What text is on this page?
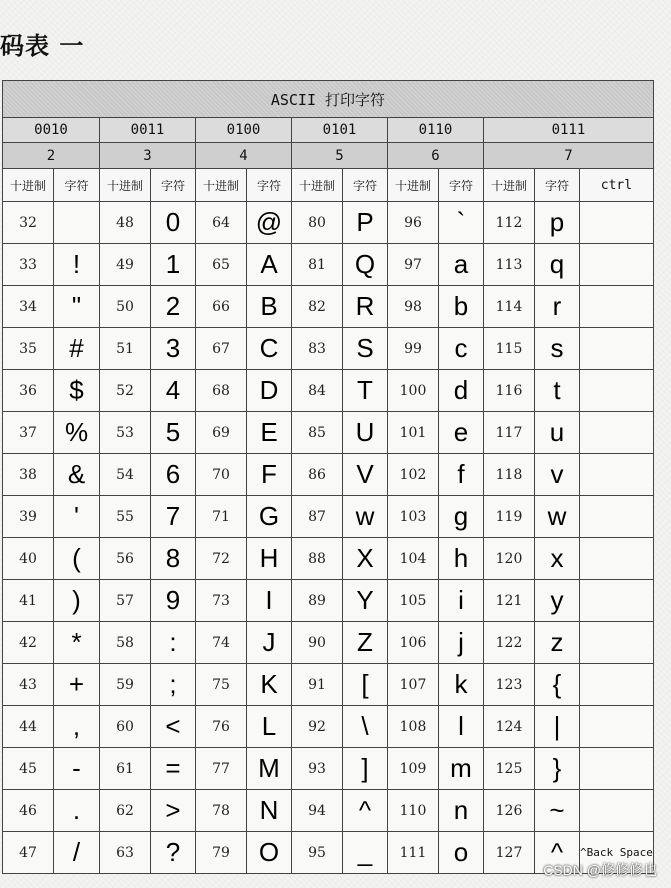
码表 一
ASCII 打印字符												
0010		0011		0100		0101		0110		0111		
2		3		4		5		6		7		
十进制	字符	十进制	字符	十进制	字符	十进制	字符	十进制	字符	十进制	字符	ctrl
32		48	0	64	@	80	P	96	`	112	p	
33	!	49	1	65	A	81	Q	97	a	113	q	
34	"	50	2	66	B	82	R	98	b	114	r	
35	#	51	3	67	C	83	S	99	c	115	s	
36	$	52	4	68	D	84	T	100	d	116	t	
37	%	53	5	69	E	85	U	101	e	117	u	
38	&	54	6	70	F	86	V	102	f	118	v	
39	'	55	7	71	G	87	w	103	g	119	w	
40	(	56	8	72	H	88	X	104	h	120	x	
41	)	57	9	73	I	89	Y	105	i	121	y	
42	*	58	:	74	J	90	Z	106	j	122	z	
43	+	59	;	75	K	91	[	107	k	123	{	
44	,	60	<	76	L	92	\	108	l	124	|	
45	-	61	=	77	M	93	]	109	m	125	}	
46	.	62	>	78	N	94	^	110	n	126	~	
47	/	63	?	79	O	95	_	111	o	127	^	^Back Space
CSDN @修修修也
